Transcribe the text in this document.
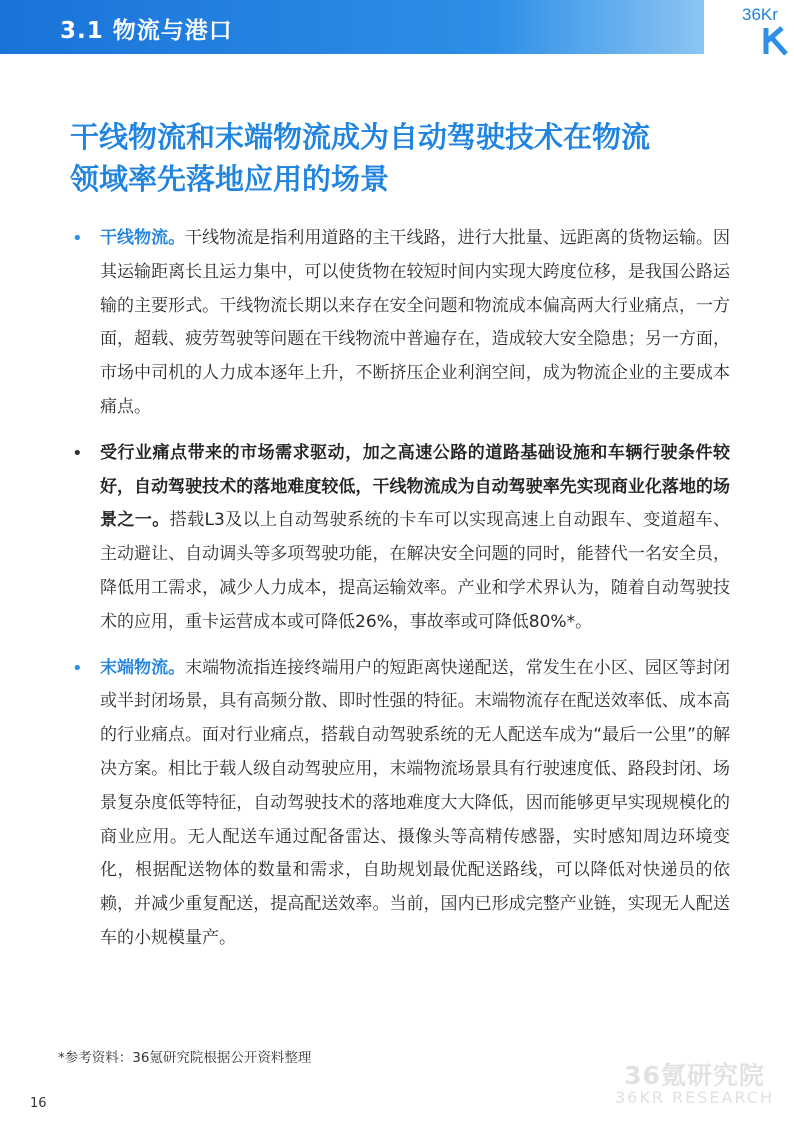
3.1 物流与港口
36Kr
干线物流和末端物流成为自动驾驶技术在物流
领域率先落地应用的场景
• 干线物流。干线物流是指利用道路的主干线路，进行大批量、远距离的货物运输。因其运输距离长且运力集中，可以使货物在较短时间内实现大跨度位移，是我国公路运输的主要形式。干线物流长期以来存在安全问题和物流成本偏高两大行业痛点，一方面，超载、疲劳驾驶等问题在干线物流中普遍存在，造成较大安全隐患；另一方面，市场中司机的人力成本逐年上升，不断挤压企业利润空间，成为物流企业的主要成本痛点。
• 受行业痛点带来的市场需求驱动，加之高速公路的道路基础设施和车辆行驶条件较好，自动驾驶技术的落地难度较低，干线物流成为自动驾驶率先实现商业化落地的场景之一。搭载L3及以上自动驾驶系统的卡车可以实现高速上自动跟车、变道超车、主动避让、自动调头等多项驾驶功能，在解决安全问题的同时，能替代一名安全员，降低用工需求，减少人力成本，提高运输效率。产业和学术界认为，随着自动驾驶技术的应用，重卡运营成本或可降低26%，事故率或可降低80%*。
• 末端物流。末端物流指连接终端用户的短距离快递配送，常发生在小区、园区等封闭或半封闭场景，具有高频分散、即时性强的特征。末端物流存在配送效率低、成本高的行业痛点。面对行业痛点，搭载自动驾驶系统的无人配送车成为“最后一公里”的解决方案。相比于载人级自动驾驶应用，末端物流场景具有行驶速度低、路段封闭、场景复杂度低等特征，自动驾驶技术的落地难度大大降低，因而能够更早实现规模化的商业应用。无人配送车通过配备雷达、摄像头等高精传感器，实时感知周边环境变化，根据配送物体的数量和需求，自助规划最优配送路线，可以降低对快递员的依赖，并减少重复配送，提高配送效率。当前，国内已形成完整产业链，实现无人配送车的小规模量产。
*参考资料：36氪研究院根据公开资料整理
16
36氪研究院
36KR RESEARCH
